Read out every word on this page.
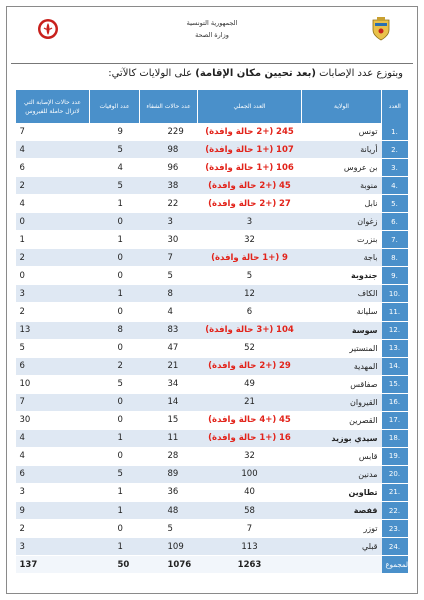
الجمهورية التونسية
وزارة الصحة
وبتوزع عدد الإصابات (بعد تحيين مكان الإقامة) على الولايات كالآتي:
العدد	الولاية	العدد الجملي	عدد حالات الشفاء	عدد الوفيات	عدد حالات الإصابة التي لاتزال حاملة للفيروس
1.	تونس	245 (+2 حالة وافدة)	229	9	7
2.	أريانة	107 (+1 حالة وافدة)	98	5	4
3.	بن عروس	106 (+1 حالة وافدة)	96	4	6
4.	منوبة	45 (+2 حالة وافدة)	38	5	2
5.	نابل	27 (+2 حالة وافدة)	22	1	4
6.	زغوان	3	3	0	0
7.	بنزرت	32	30	1	1
8.	باجة	9 (+1 حالة وافدة)	7	0	2
9.	جندوبة	5	5	0	0
10.	الكاف	12	8	1	3
11.	سليانة	6	4	0	2
12.	سوسة	104 (+3 حالة وافدة)	83	8	13
13.	المنستير	52	47	0	5
14.	المهدية	29 (+2 حالة وافدة)	21	2	6
15.	صفاقس	49	34	5	10
16.	القيروان	21	14	0	7
17.	القصرين	45 (+4 حالة وافدة)	15	0	30
18.	سيدي بوزيد	16 (+1 حالة وافدة)	11	1	4
19.	قابس	32	28	0	4
20.	مدنين	100	89	5	6
21.	تطاوين	40	36	1	3
22.	قفصة	58	48	1	9
23.	توزر	7	5	0	2
24.	قبلي	113	109	1	3
المجموع		1263	1076	50	137
